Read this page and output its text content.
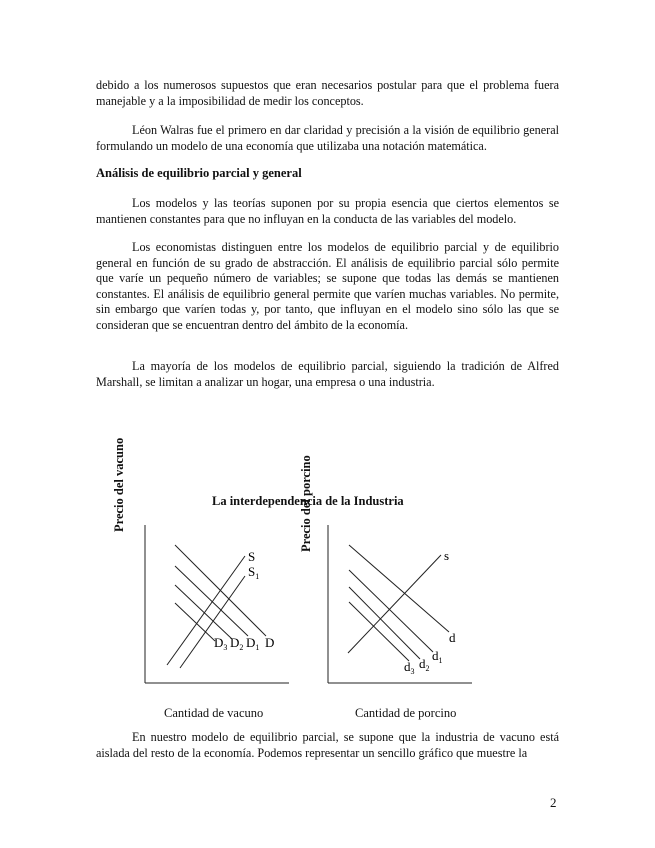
debido a los numerosos supuestos que eran necesarios postular para que el problema fuera manejable y a la imposibilidad de medir los conceptos.

Léon Walras fue el primero en dar claridad y precisión a la visión de equilibrio general formulando un modelo de una economía que utilizaba una notación matemática.

Análisis de equilibrio parcial y general

Los modelos y las teorías suponen por su propia esencia que ciertos elementos se mantienen constantes para que no influyan en la conducta de las variables del modelo.

Los economistas distinguen entre los modelos de equilibrio parcial y de equilibrio general en función de su grado de abstracción. El análisis de equilibrio parcial sólo permite que varíe un pequeño número de variables; se supone que todas las demás se mantienen constantes. El análisis de equilibrio general permite que varíen muchas variables. No permite, sin embargo que varíen todas y, por tanto, que influyan en el modelo sino sólo las que se consideran que se encuentran dentro del ámbito de la economía.

La mayoría de los modelos de equilibrio parcial, siguiendo la tradición de Alfred Marshall, se limitan a analizar un hogar, una empresa o una industria.

Precio del vacuno	Precio del porcino
La interdependencia de la Industria
S
$S_1$
$D_3$ $D_2$ $D_1$ D
s
d
$d_1$
$d_2$
$d_3$
Cantidad de vacuno	Cantidad de porcino

En nuestro modelo de equilibrio parcial, se supone que la industria de vacuno está aislada del resto de la economía. Podemos representar un sencillo gráfico que muestre la

2
